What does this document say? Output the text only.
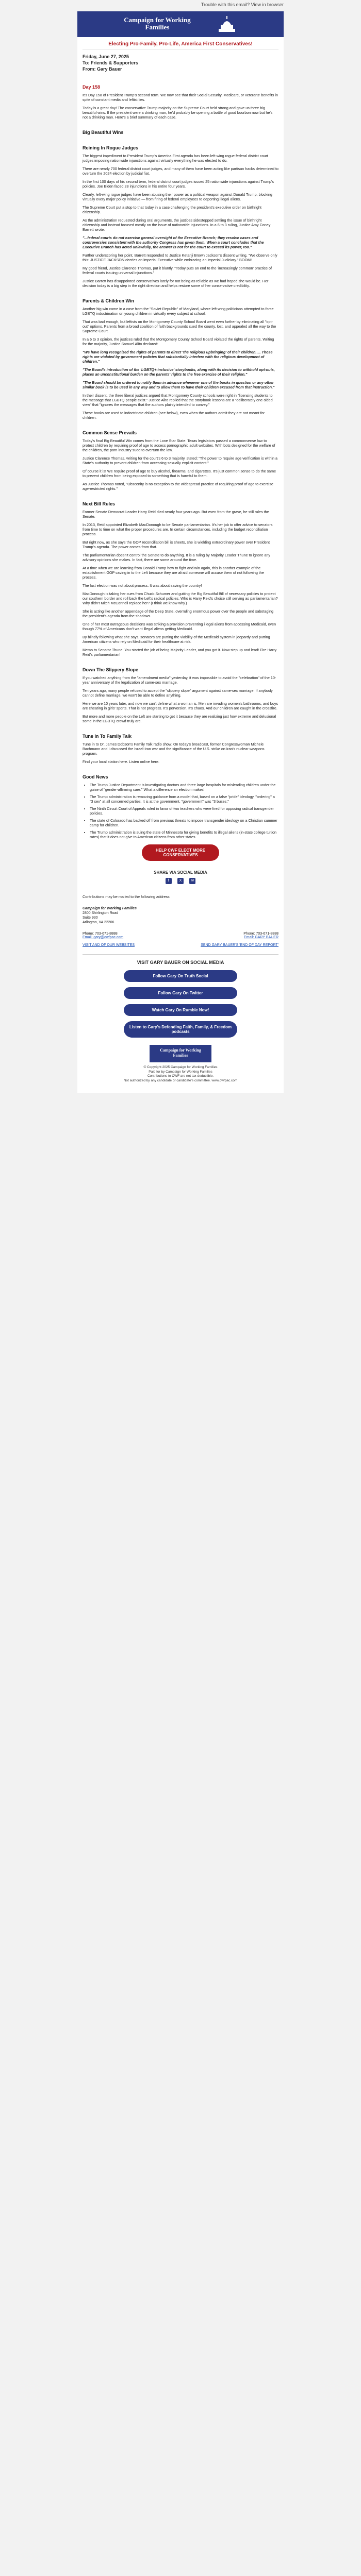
Trouble with this email? View in browser
Campaign for Working
Families
Electing Pro-Family, Pro-Life, America First Conservatives!
Friday, June 27, 2025
To: Friends & Supporters
From: Gary Bauer
Day 158

It's Day 158 of President Trump's second term. We now see that their Social Security, Medicare, or veterans' benefits in spite of constant media and leftist lies.

Today is a great day! The conservative Trump majority on the Supreme Court held strong and gave us three big beautiful wins. If the president were a drinking man, he'd probably be opening a bottle of good bourbon now but he's not a drinking man. Here's a brief summary of each case.

Big Beautiful Wins
Reining In Rogue Judges

The biggest impediment to President Trump's America First agenda has been left-wing rogue federal district court judges imposing nationwide injunctions against virtually everything he was elected to do.

There are nearly 700 federal district court judges, and many of them have been acting like partisan hacks determined to overturn the 2024 election by judicial fiat.

In the first 100 days of his second term, federal district court judges issued 25 nationwide injunctions against Trump's policies. Joe Biden faced 28 injunctions in his entire four years.

Clearly, left-wing rogue judges have been abusing their power as a political weapon against Donald Trump, blocking virtually every major policy initiative — from firing of federal employees to deporting illegal aliens.

The Supreme Court put a stop to that today in a case challenging the president's executive order on birthright citizenship.

As the administration requested during oral arguments, the justices sidestepped settling the issue of birthright citizenship and instead focused mostly on the issue of nationwide injunctions. In a 6 to 3 ruling, Justice Amy Coney Barrett wrote:

"...federal courts do not exercise general oversight of the Executive Branch; they resolve cases and controversies consistent with the authority Congress has given them. When a court concludes that the Executive Branch has acted unlawfully, the answer is not for the court to exceed its power, too."

Further underscoring her point, Barrett responded to Justice Ketanji Brown Jackson's dissent writing, "We observe only this: JUSTICE JACKSON decries an imperial Executive while embracing an imperial Judiciary." BOOM!

My good friend, Justice Clarence Thomas, put it bluntly, "Today puts an end to the 'increasingly common' practice of federal courts issuing universal injunctions."

Justice Barrett has disappointed conservatives lately for not being as reliable as we had hoped she would be. Her decision today is a big step in the right direction and helps restore some of her conservative credibility.

Parents & Children Win

Another big win came in a case from the "Soviet Republic" of Maryland, where left-wing politicians attempted to force LGBTQ indoctrination on young children in virtually every subject at school.

That was bad enough, but leftists on the Montgomery County School Board went even further by eliminating all "opt-out" options. Parents from a broad coalition of faith backgrounds sued the county, lost, and appealed all the way to the Supreme Court.

In a 6 to 3 opinion, the justices ruled that the Montgomery County School Board violated the rights of parents. Writing for the majority, Justice Samuel Alito declared:

"We have long recognized the rights of parents to direct 'the religious upbringing' of their children. ... Those rights are violated by government policies that substantially interfere with the religious development of children."

"The Board's introduction of the 'LGBTQ+-inclusive' storybooks, along with its decision to withhold opt-outs, places an unconstitutional burden on the parents' rights to the free exercise of their religion."

"The Board should be ordered to notify them in advance whenever one of the books in question or any other similar book is to be used in any way and to allow them to have their children excused from that instruction."

In their dissent, the three liberal justices argued that Montgomery County schools were right in "licensing students to the message that LGBTQ people exist." Justice Alito replied that the storybook lessons are a "deliberately one-sided view" that "ignores the messages that the authors plainly intended to convey."

These books are used to indoctrinate children (see below), even when the authors admit they are not meant for children.

Common Sense Prevails

Today's final Big Beautiful Win comes from the Lone Star State. Texas legislators passed a commonsense law to protect children by requiring proof of age to access pornographic adult websites. With bots designed for the welfare of the children, the porn industry sued to overturn the law.

Justice Clarence Thomas, writing for the court's 6 to 3 majority, stated: "The power to require age verification is within a State's authority to prevent children from accessing sexually explicit content."

Of course it is! We require proof of age to buy alcohol, firearms, and cigarettes. It's just common sense to do the same to prevent children from being exposed to something that is harmful to them.

As Justice Thomas noted, "Obscenity is no exception to the widespread practice of requiring proof of age to exercise age-restricted rights."

Next Bill Rules

Former Senate Democrat Leader Harry Reid died nearly four years ago. But even from the grave, he still rules the Senate.

In 2013, Reid appointed Elizabeth MacDonough to be Senate parliamentarian. It's her job to offer advice to senators from time to time on what the proper procedures are. In certain circumstances, including the budget reconciliation process.

But right now, as she says the GOP reconciliation bill is sheets, she is wielding extraordinary power over President Trump's agenda. The power comes from that.

The parliamentarian doesn't control the Senate to do anything. It is a ruling by Majority Leader Thune to ignore any advisory opinions she makes. In fact, there are some around the time.

At a time when we are learning from Donald Trump how to fight and win again, this is another example of the establishment GOP caving in to the Left because they are afraid someone will accuse them of not following the process.

The last election was not about process. It was about saving the country!

MacDonough is taking her cues from Chuck Schumer and gutting the Big Beautiful Bill of necessary policies to protect our southern border and roll back the Left's radical policies. Who is Harry Reid's choice still serving as parliamentarian? Why didn't Mitch McConnell replace her? (I think we know why.)

She is acting like another appendage of the Deep State, overruling enormous power over the people and sabotaging the president's agenda from the shadows.

One of her most outrageous decisions was striking a provision preventing illegal aliens from accessing Medicaid, even though 77% of Americans don't want illegal aliens getting Medicaid.

By blindly following what she says, senators are putting the viability of the Medicaid system in jeopardy and putting American citizens who rely on Medicaid for their healthcare at risk.

Memo to Senator Thune: You started the job of being Majority Leader, and you got it. Now step up and lead! Fire Harry Reid's parliamentarian!

Down The Slippery Slope

If you watched anything from the "amendment media" yesterday, it was impossible to avoid the "celebration" of the 10-year anniversary of the legalization of same-sex marriage.

Ten years ago, many people refused to accept the "slippery slope" argument against same-sex marriage. If anybody cannot define marriage, we won't be able to define anything.

Here we are 10 years later, and now we can't define what a woman is. Men are invading women's bathrooms, and boys are cheating in girls' sports. That is not progress. It's perversion. It's chaos. And our children are caught in the crossfire.

But more and more people on the Left are starting to get it because they are realizing just how extreme and delusional some in the LGBTQ crowd truly are.

Tune In To Family Talk

Tune in to Dr. James Dobson's Family Talk radio show. On today's broadcast, former Congresswoman Michele Bachmann and I discussed the Israel-Iran war and the significance of the U.S. strike on Iran's nuclear weapons program.

Find your local station here. Listen online here.

Good News
• The Trump Justice Department is investigating doctors and three large hospitals for misleading children under the guise of "gender-affirming care." What a difference an election makes!
• The Trump administration is removing guidance from a model that, based on a false "pride" ideology, "ordering" a "3 sex" at all concerned parties. It is at the government, "government" was "3 buses."
• The Ninth Circuit Court of Appeals ruled in favor of two teachers who were fired for opposing radical transgender policies.
• The state of Colorado has backed off from previous threats to impose transgender ideology on a Christian summer camp for children.
• The Trump administration is suing the state of Minnesota for giving benefits to illegal aliens (in-state college tuition rates) that it does not give to American citizens from other states.
HELP CWF ELECT MORE CONSERVATIVES
SHARE VIA SOCIAL MEDIA
f	X	✉

Contributions may be mailed to the following address:

Campaign for Working Families
2800 Shirlington Road
Suite 930
Arlington, VA 22206
Phone: 703-671-8888
Email: gary@cwfpac.com
Phone: 703-671-8888
Email: GARY BAUER
VISIT AND OF OUR WEBSITES	SEND GARY BAUER'S 'END OF DAY REPORT'
VISIT GARY BAUER ON SOCIAL MEDIA
Follow Gary On Truth Social
Follow Gary On Twitter
Watch Gary On Rumble Now!
Listen to Gary's Defending Faith, Family, & Freedom podcasts
Campaign for Working
Families
© Copyright 2025 Campaign for Working Families
Paid for by Campaign for Working Families
Contributions to CWF are not tax-deductible.
Not authorized by any candidate or candidate's committee. www.cwfpac.com
